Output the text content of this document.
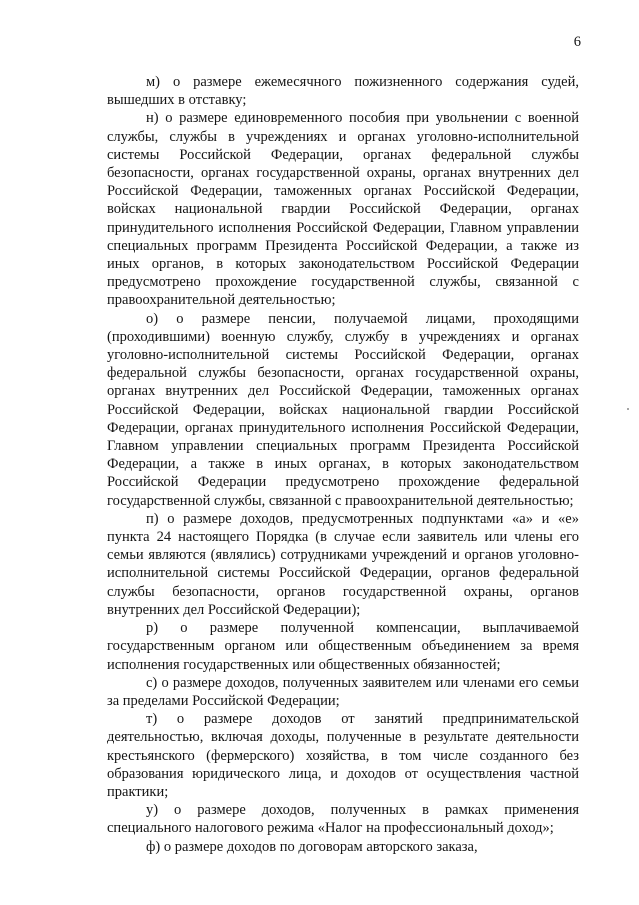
6

м) о размере ежемесячного пожизненного содержания судей, вышедших в отставку;

н) о размере единовременного пособия при увольнении с военной службы, службы в учреждениях и органах уголовно-исполнительной системы Российской Федерации, органах федеральной службы безопасности, органах государственной охраны, органах внутренних дел Российской Федерации, таможенных органах Российской Федерации, войсках национальной гвардии Российской Федерации, органах принудительного исполнения Российской Федерации, Главном управлении специальных программ Президента Российской Федерации, а также из иных органов, в которых законодательством Российской Федерации предусмотрено прохождение государственной службы, связанной с правоохранительной деятельностью;

о) о размере пенсии, получаемой лицами, проходящими (проходившими) военную службу, службу в учреждениях и органах уголовно-исполнительной системы Российской Федерации, органах федеральной службы безопасности, органах государственной охраны, органах внутренних дел Российской Федерации, таможенных органах Российской Федерации, войсках национальной гвардии Российской Федерации, органах принудительного исполнения Российской Федерации, Главном управлении специальных программ Президента Российской Федерации, а также в иных органах, в которых законодательством Российской Федерации предусмотрено прохождение федеральной государственной службы, связанной с правоохранительной деятельностью;

п) о размере доходов, предусмотренных подпунктами «а» и «е» пункта 24 настоящего Порядка (в случае если заявитель или члены его семьи являются (являлись) сотрудниками учреждений и органов уголовно-исполнительной системы Российской Федерации, органов федеральной службы безопасности, органов государственной охраны, органов внутренних дел Российской Федерации);

р) о размере полученной компенсации, выплачиваемой государственным органом или общественным объединением за время исполнения государственных или общественных обязанностей;

с) о размере доходов, полученных заявителем или членами его семьи за пределами Российской Федерации;

т) о размере доходов от занятий предпринимательской деятельностью, включая доходы, полученные в результате деятельности крестьянского (фермерского) хозяйства, в том числе созданного без образования юридического лица, и доходов от осуществления частной практики;

у) о размере доходов, полученных в рамках применения специального налогового режима «Налог на профессиональный доход»;

ф) о размере доходов по договорам авторского заказа,
